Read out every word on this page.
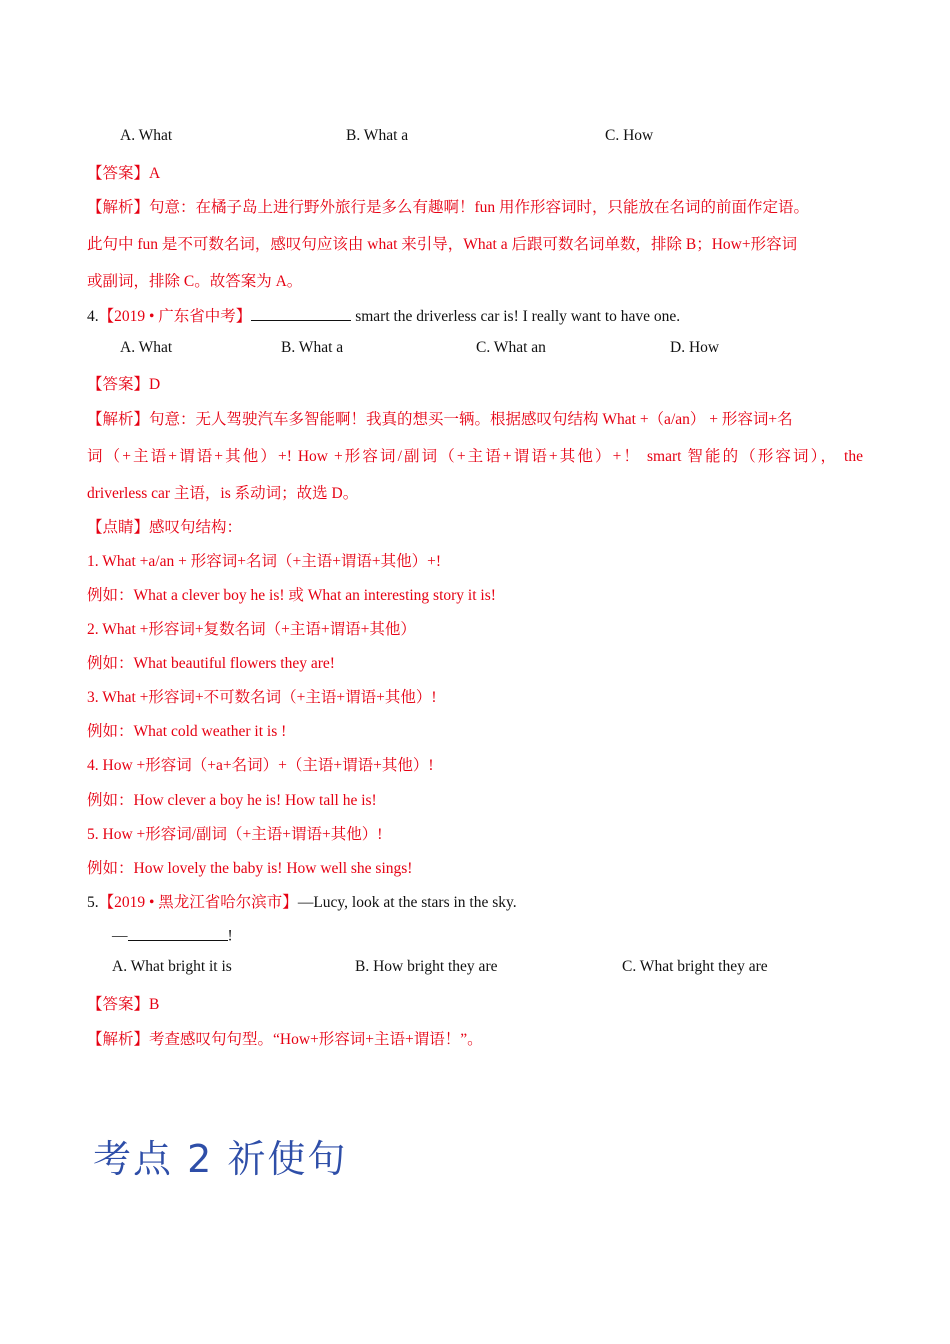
A. What	B. What a	C. How
【答案】A
【解析】句意：在橘子岛上进行野外旅行是多么有趣啊！fun 用作形容词时，只能放在名词的前面作定语。
此句中 fun 是不可数名词，感叹句应该由 what 来引导，What a 后跟可数名词单数，排除 B；How+形容词
或副词，排除 C。故答案为 A。
4.【2019 • 广东省中考】	smart the driverless car is! I really want to have one.
A. What	B. What a	C. What an	D. How
【答案】D
【解析】句意：无人驾驶汽车多智能啊！我真的想买一辆。根据感叹句结构 What +（a/an） + 形容词+名
词（+主语+谓语+其他）+! How +形容词/副词（+主语+谓语+其他）+！ smart 智能的（形容词）， the
driverless car 主语，is 系动词；故选 D。
【点睛】感叹句结构：
1. What +a/an + 形容词+名词（+主语+谓语+其他）+!
例如：What a clever boy he is! 或 What an interesting story it is!
2. What +形容词+复数名词（+主语+谓语+其他）
例如：What beautiful flowers they are!
3. What +形容词+不可数名词（+主语+谓语+其他）!
例如：What cold weather it is !
4. How +形容词（+a+名词）+（主语+谓语+其他）!
例如：How clever a boy he is! How tall he is!
5. How +形容词/副词（+主语+谓语+其他）!
例如：How lovely the baby is! How well she sings!
5.【2019 • 黑龙江省哈尔滨市】—Lucy, look at the stars in the sky.
—	!
A. What bright it is	B. How bright they are	C. What bright they are
【答案】B
【解析】考查感叹句句型。“How+形容词+主语+谓语！”。
考点 2 祈使句
